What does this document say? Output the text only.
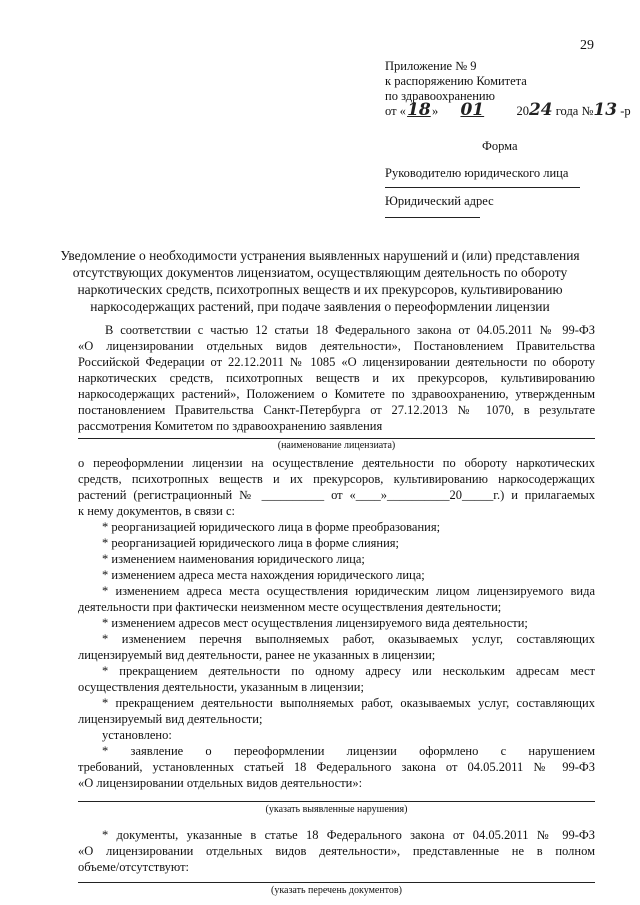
29
Приложение № 9
к распоряжению Комитета
по здравоохранению
от «18» 01	2024 года №13 -р
Форма
Руководителю юридического лица
Юридический адрес
Уведомление о необходимости устранения выявленных нарушений и (или) представления
отсутствующих документов лицензиатом, осуществляющим деятельность по обороту
наркотических средств, психотропных веществ и их прекурсоров, культивированию
наркосодержащих растений, при подаче заявления о переоформлении лицензии
В соответствии с частью 12 статьи 18 Федерального закона от 04.05.2011 № 99-ФЗ
«О лицензировании отдельных видов деятельности», Постановлением Правительства
Российской Федерации от 22.12.2011 № 1085 «О лицензировании деятельности по обороту
наркотических средств, психотропных веществ и их прекурсоров, культивированию
наркосодержащих растений», Положением о Комитете по здравоохранению, утвержденным
постановлением Правительства Санкт-Петербурга от 27.12.2013 № 1070, в результате
рассмотрения Комитетом по здравоохранению заявления
(наименование лицензиата)
о переоформлении лицензии на осуществление деятельности по обороту наркотических
средств, психотропных веществ и их прекурсоров, культивированию наркосодержащих
растений (регистрационный № __________ от «____»__________20_____г.) и прилагаемых
к нему документов, в связи с:
* реорганизацией юридического лица в форме преобразования;
* реорганизацией юридического лица в форме слияния;
* изменением наименования юридического лица;
* изменением адреса места нахождения юридического лица;
* изменением адреса места осуществления юридическим лицом лицензируемого вида
деятельности при фактически неизменном месте осуществления деятельности;
* изменением адресов мест осуществления лицензируемого вида деятельности;
* изменением перечня выполняемых работ, оказываемых услуг, составляющих
лицензируемый вид деятельности, ранее не указанных в лицензии;
* прекращением деятельности по одному адресу или нескольким адресам мест
осуществления деятельности, указанным в лицензии;
* прекращением деятельности выполняемых работ, оказываемых услуг, составляющих
лицензируемый вид деятельности;
установлено:
* заявление о переоформлении лицензии оформлено с нарушением
требований, установленных статьей 18 Федерального закона от 04.05.2011 № 99-ФЗ
«О лицензировании отдельных видов деятельности»:
(указать выявленные нарушения)
* документы, указанные в статье 18 Федерального закона от 04.05.2011 № 99-ФЗ
«О лицензировании отдельных видов деятельности», представленные не в полном
объеме/отсутствуют:
(указать перечень документов)
